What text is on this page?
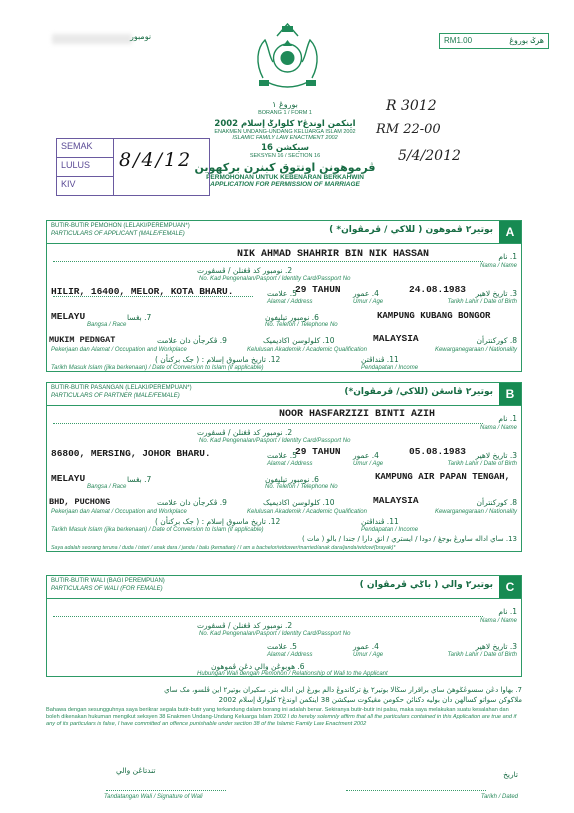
نومبور	RM1.00	هرݢ بوروڠ
بوروڠ ١
BORANG 1 / FORM 1
اينکمن اوندڠ٢ کلوارݢ إسلام 2002
ENAKMEN UNDANG-UNDANG KELUARGA ISLAM 2002
ISLAMIC FAMILY LAW ENACTMENT 2002
سيکشن 16
SEKSYEN 16 / SECTION 16
ڤرموهونن اونتوق کبنرن برکهوين
PERMOHONAN UNTUK KEBENARAN BERKAHWIN
APPLICATION FOR PERMISSION OF MARRIAGE
SEMAK
LULUS
KIV
8/4/12
R 3012
RM 22-00
5/4/2012
BUTIR-BUTIR PEMOHON (LELAKI/PEREMPUAN*)
PARTICULARS OF APPLICANT (MALE/FEMALE)	بوتير٢ ڤموهون ( للاکي / ڤرمڤوان* )	A
NIK AHMAD SHAHRIR BIN NIK HASSAN	1. نام
Nama / Name
2. نومبور کد ڤڠنلن / ڤسڤورت
No. Kad Pengenalan/Pasport / Identity Card/Passport No
HILIR, 16400, MELOR, KOTA BHARU.	5. علامت
Alamat / Address
29 TAHUN 4. عمور
Umur / Age
24.08.1983 3. تاريخ لاهير
Tarikh Lahir / Date of Birth
MELAYU	7. بڠسا
Bangsa / Race
6. نومبور تيليفون
No. Telefon / Telephone No
KAMPUNG KUBANG BONGOR
MUKIM PEDNGAT	9. ڤکرجأن دان علامت
Pekerjaan dan Alamat / Occupation and Workplace
10. کلولوسن اکاديميک
Kelulusan Akademik / Academic Qualification
MALAYSIA	8. کورکنترأن
Kewarganegaraan / Nationality
12. تاريخ ماسوق إسلام : ( جک برکنأن )
Tarikh Masuk Islam (jika berkenaan) / Date of Conversion to Islam (if applicable)
11. ڤنداڤتن
Pendapatan / Income
BUTIR-BUTIR PASANGAN (LELAKI/PEREMPUAN*)
PARTICULARS OF PARTNER (MALE/FEMALE)	بوتير٢ ڤاسڠن (للاکي/ ڤرمڤوان*)	B
NOOR HASFARZIZI BINTI AZIH	1. نام
Nama / Name
2. نومبور کد ڤڠنلن / ڤسڤورت
No. Kad Pengenalan/Pasport / Identity Card/Passport No
86800, MERSING, JOHOR BHARU.	5. علامت
Alamat / Address
29 TAHUN 4. عمور
Umur / Age
05.08.1983 3. تاريخ لاهير
Tarikh Lahir / Date of Birth
MELAYU	7. بڠسا
Bangsa / Race
6. نومبور تيليفون
No. Telefon / Telephone No
KAMPUNG AIR PAPAN TENGAH,
BHD, PUCHONG	9. ڤکرجأن دان علامت
Pekerjaan dan Alamat / Occupation and Workplace
10. کلولوسن اکاديميک
Kelulusan Akademik / Academic Qualification
MALAYSIA	8. کورکنترأن
Kewarganegaraan / Nationality
12. تاريخ ماسوق إسلام : ( جک برکنأن )
Tarikh Masuk Islam (jika berkenaan) / Date of Conversion to Islam (if applicable)
11. ڤنداڤتن
Pendapatan / Income
13. ساي اداله ساورڠ بوجڠ / دودا / ايستري / انق دارا / جندا / بالو ( مات )
Saya adalah seorang teruna / duda / isteri / anak dara / janda / balu (kematian) / I am a bachelor/widower/married/anak dara/janda/widow/(brayak)*
BUTIR-BUTIR WALI (BAGI PEREMPUAN)
PARTICULARS OF WALI (FOR FEMALE)	بوتير٢ والي ( باݢي ڤرمڤوان )	C
1. نام
Nama / Name
2. نومبور کد ڤڠنلن / ڤسڤورت
No. Kad Pengenalan/Pasport / Identity Card/Passport No
5. علامت
Alamat / Address
4. عمور
Umur / Age
3. تاريخ لاهير
Tarikh Lahir / Date of Birth
6. هوبوڠن والي دڠن ڤموهون
Hubungan Wali dengan Pemohon / Relationship of Wali to the Applicant
7. بهاوا دڠن سسوڠݢوهڽ ساي براقرار سڬالا بوتير٢ يڠ ترکاندوڠ دالم بورڠ اين اداله بنر. سکيران بوتير٢ اين ڤلسو، مک ساي
ملاکوکن سواتو کسالهن دان بوليه دکنائن حکومن مڠيکوت سيکشن 38 اينکمن اوندڠ٢ کلوارݢ إسلام 2002
Bahawa dengan sesungguhnya saya berikrar segala butir-butir yang terkandung dalam borang ini adalah benar. Sekiranya butir-butir ini palsu, maka saya melakukan suatu kesalahan dan boleh dikenakan hukuman mengikut seksyen 38 Enakmen Undang-Undang Keluarga Islam 2002 I do hereby solemnly affirm that all the particulars contained in this Application are true and if any of its particulars is false, I have committed an offence punishable under section 38 of the Islamic Family Law Enactment 2002
تندتاڠن والي
Tandatangan Wali / Signature of Wali
تاريخ
Tarikh / Dated
